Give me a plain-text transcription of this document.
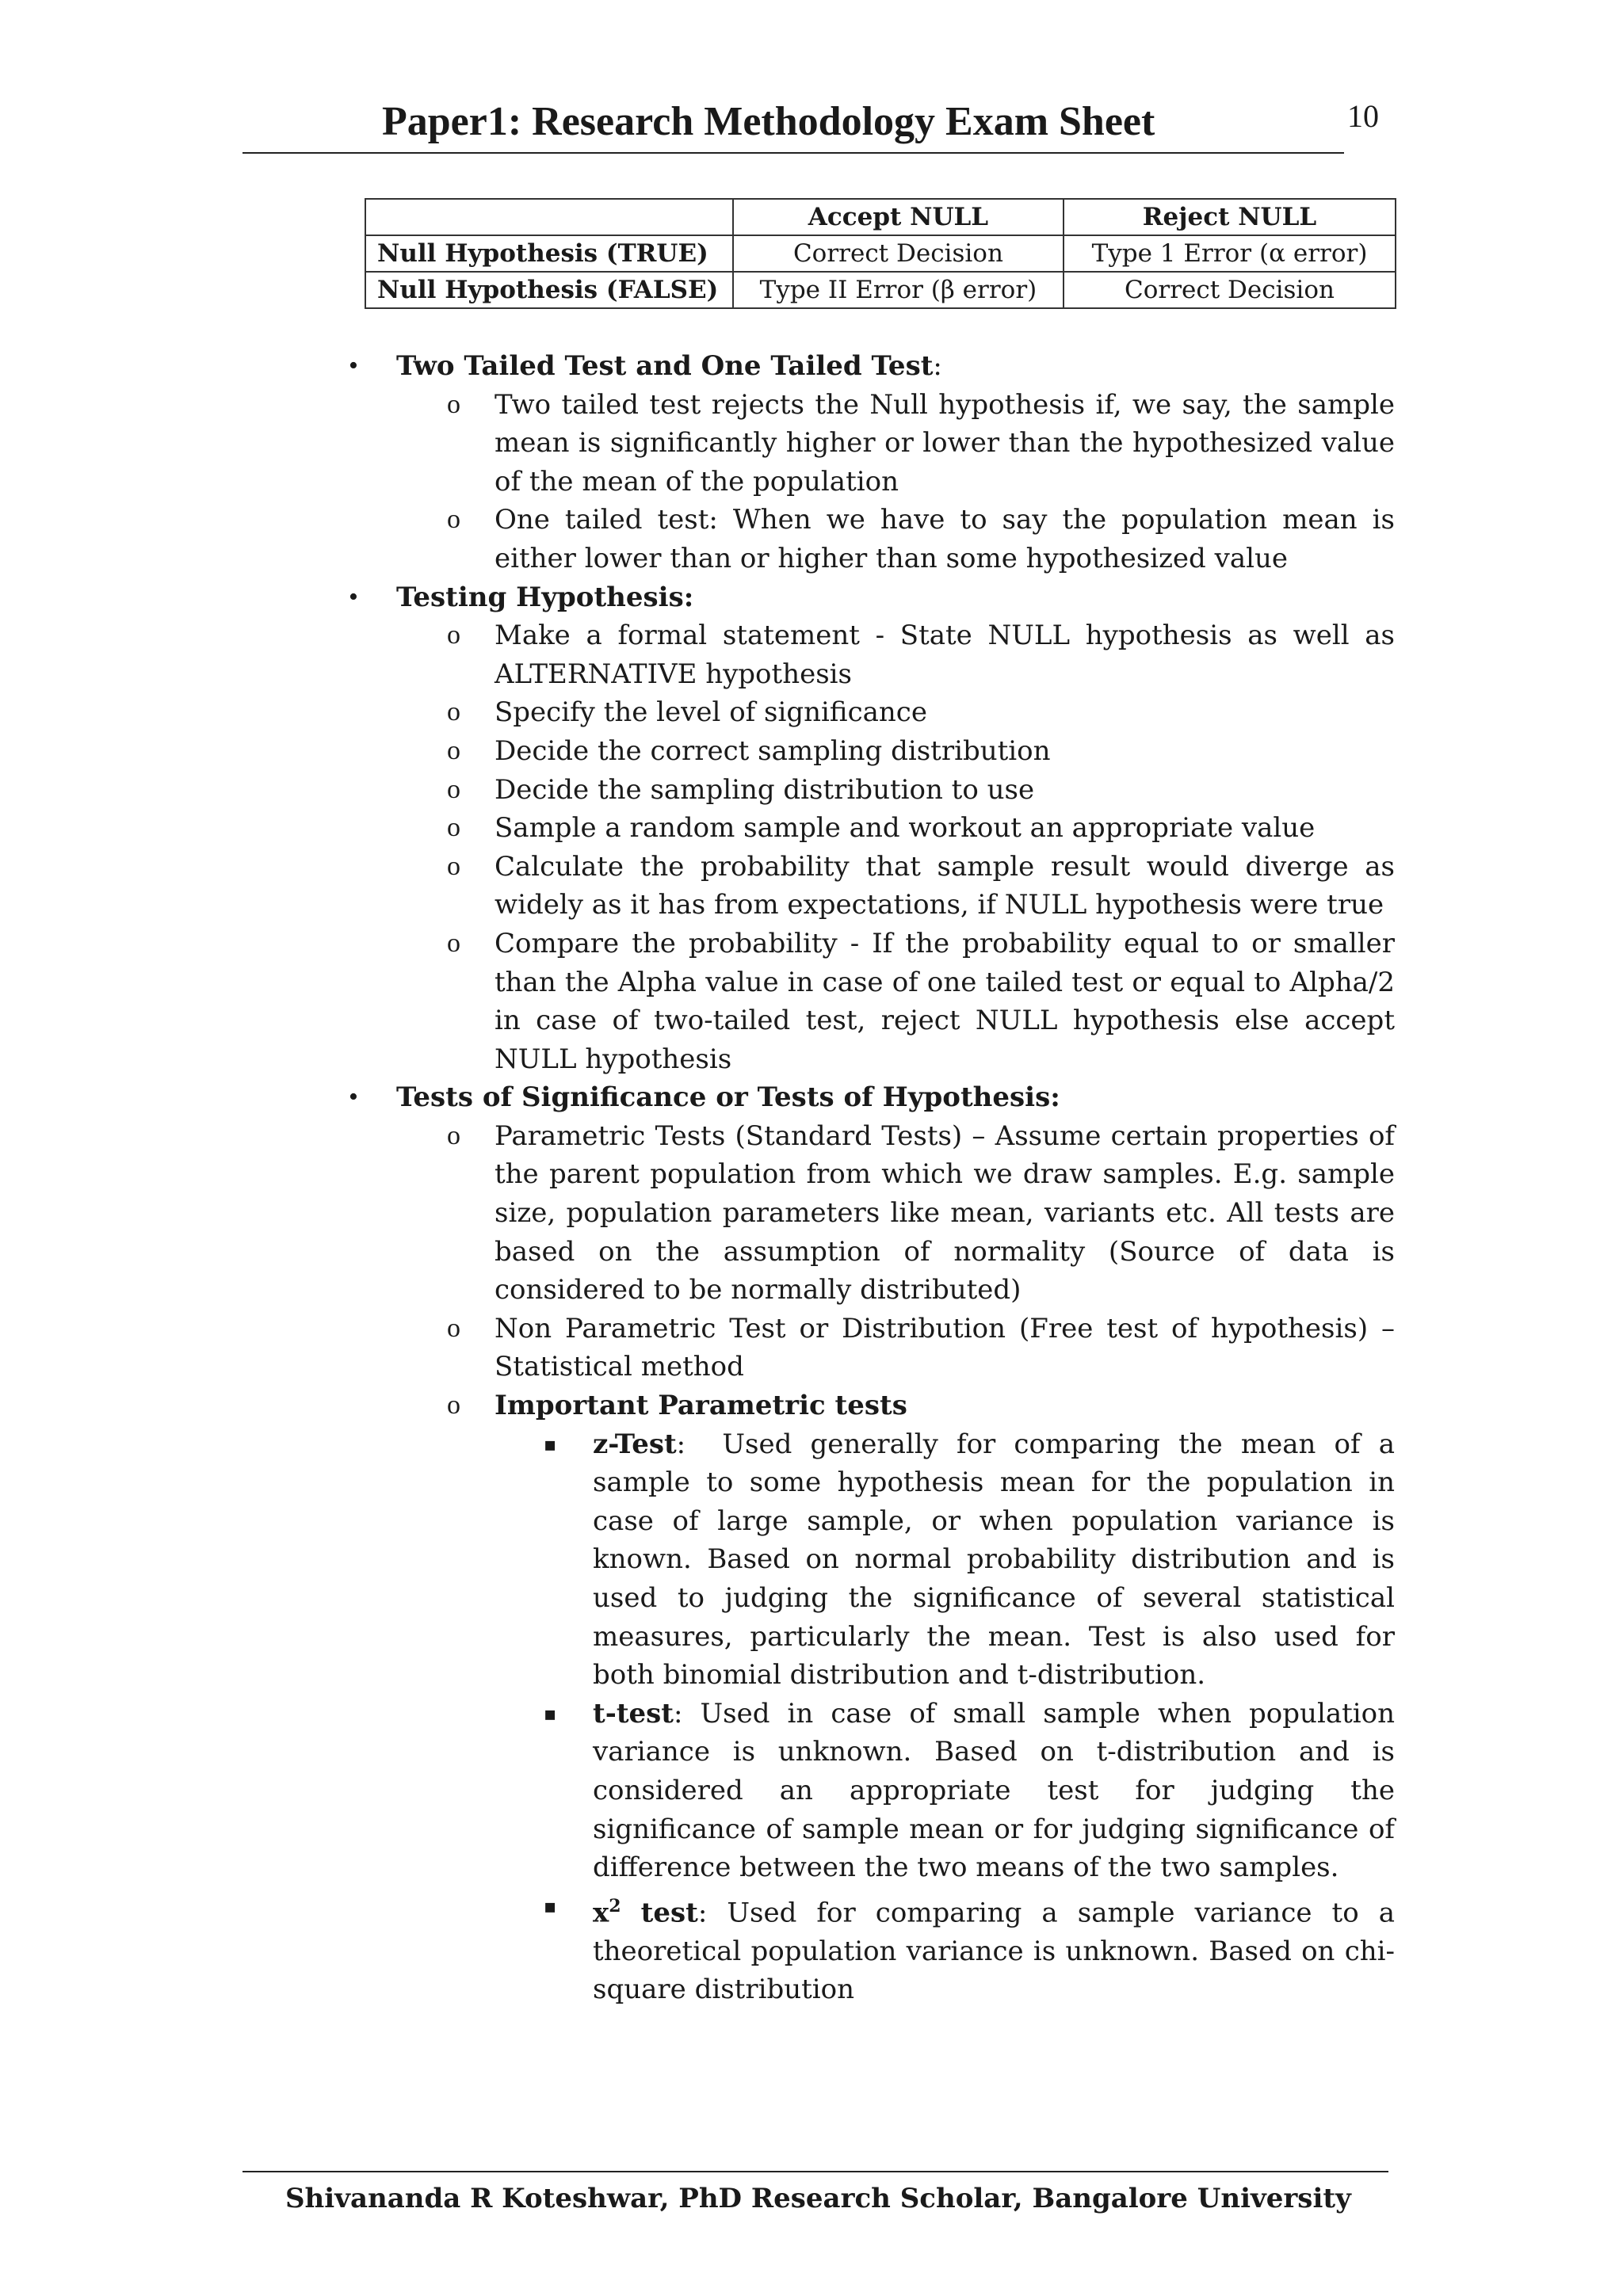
Paper1: Research Methodology Exam Sheet	10
	Accept NULL	Reject NULL
Null Hypothesis (TRUE)	Correct Decision	Type 1 Error (α error)
Null Hypothesis (FALSE)	Type II Error (β error)	Correct Decision
• Two Tailed Test and One Tailed Test:
o Two tailed test rejects the Null hypothesis if, we say, the sample mean is significantly higher or lower than the hypothesized value of the mean of the population
o One tailed test: When we have to say the population mean is either lower than or higher than some hypothesized value
• Testing Hypothesis:
o Make a formal statement - State NULL hypothesis as well as ALTERNATIVE hypothesis
o Specify the level of significance
o Decide the correct sampling distribution
o Decide the sampling distribution to use
o Sample a random sample and workout an appropriate value
o Calculate the probability that sample result would diverge as widely as it has from expectations, if NULL hypothesis were true
o Compare the probability - If the probability equal to or smaller than the Alpha value in case of one tailed test or equal to Alpha/2 in case of two-tailed test, reject NULL hypothesis else accept NULL hypothesis
• Tests of Significance or Tests of Hypothesis:
o Parametric Tests (Standard Tests) – Assume certain properties of the parent population from which we draw samples. E.g. sample size, population parameters like mean, variants etc. All tests are based on the assumption of normality (Source of data is considered to be normally distributed)
o Non Parametric Test or Distribution (Free test of hypothesis) – Statistical method
o Important Parametric tests
▪ z-Test:  Used generally for comparing the mean of a sample to some hypothesis mean for the population in case of large sample, or when population variance is known. Based on normal probability distribution and is used to judging the significance of several statistical measures, particularly the mean. Test is also used for both binomial distribution and t-distribution.
▪ t-test: Used in case of small sample when population variance is unknown. Based on t-distribution and is considered an appropriate test for judging the significance of sample mean or for judging significance of difference between the two means of the two samples.
▪ $x^2$ test: Used for comparing a sample variance to a theoretical population variance is unknown. Based on chi-square distribution
Shivananda R Koteshwar, PhD Research Scholar, Bangalore University
